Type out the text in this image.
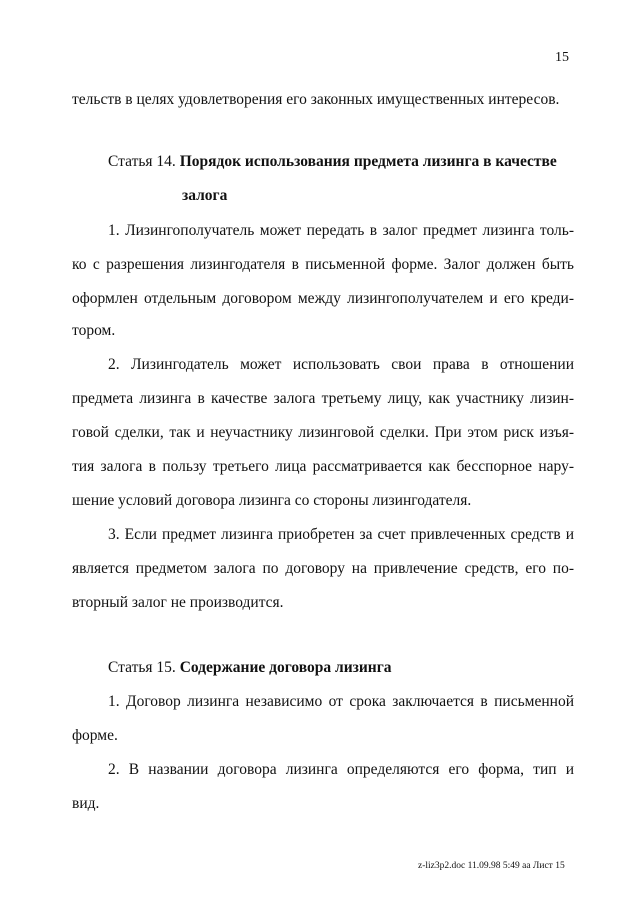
15
тельств в целях удовлетворения его законных имущественных интересов.
Статья 14. Порядок использования предмета лизинга в качестве
залога
1. Лизингополучатель может передать в залог предмет лизинга толь-
ко с разрешения лизингодателя в письменной форме. Залог должен быть
оформлен отдельным договором между лизингополучателем и его креди-
тором.
2. Лизингодатель может использовать свои права в отношении
предмета лизинга в качестве залога третьему лицу, как участнику лизин-
говой сделки, так и неучастнику лизинговой сделки. При этом риск изъя-
тия залога в пользу третьего лица рассматривается как бесспорное нару-
шение условий договора лизинга со стороны лизингодателя.
3. Если предмет лизинга приобретен за счет привлеченных средств и
является предметом залога по договору на привлечение средств, его по-
вторный залог не производится.
Статья 15. Содержание договора лизинга
1. Договор лизинга независимо от срока заключается в письменной
форме.
2. В названии договора лизинга определяются его форма, тип и
вид.
z-liz3p2.doc 11.09.98 5:49 aa Лист 15
